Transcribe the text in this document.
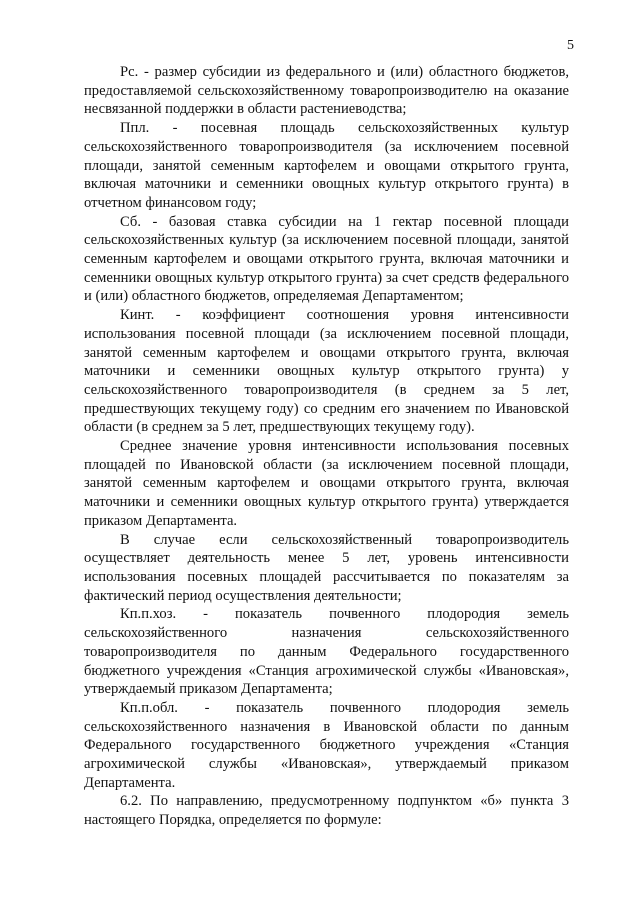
5

Рс. - размер субсидии из федерального и (или) областного бюджетов, предоставляемой сельскохозяйственному товаропроизводителю на оказание несвязанной поддержки в области растениеводства;

Ппл. - посевная площадь сельскохозяйственных культур сельскохозяйственного товаропроизводителя (за исключением посевной площади, занятой семенным картофелем и овощами открытого грунта, включая маточники и семенники овощных культур открытого грунта) в отчетном финансовом году;

Сб. - базовая ставка субсидии на 1 гектар посевной площади сельскохозяйственных культур (за исключением посевной площади, занятой семенным картофелем и овощами открытого грунта, включая маточники и семенники овощных культур открытого грунта) за счет средств федерального и (или) областного бюджетов, определяемая Департаментом;

Кинт. - коэффициент соотношения уровня интенсивности использования посевной площади (за исключением посевной площади, занятой семенным картофелем и овощами открытого грунта, включая маточники и семенники овощных культур открытого грунта) у сельскохозяйственного товаропроизводителя (в среднем за 5 лет, предшествующих текущему году) со средним его значением по Ивановской области (в среднем за 5 лет, предшествующих текущему году).

Среднее значение уровня интенсивности использования посевных площадей по Ивановской области (за исключением посевной площади, занятой семенным картофелем и овощами открытого грунта, включая маточники и семенники овощных культур открытого грунта) утверждается приказом Департамента.

В случае если сельскохозяйственный товаропроизводитель осуществляет деятельность менее 5 лет, уровень интенсивности использования посевных площадей рассчитывается по показателям за фактический период осуществления деятельности;

Кп.п.хоз. - показатель почвенного плодородия земель сельскохозяйственного назначения сельскохозяйственного товаропроизводителя по данным Федерального государственного бюджетного учреждения «Станция агрохимической службы «Ивановская», утверждаемый приказом Департамента;

Кп.п.обл. - показатель почвенного плодородия земель сельскохозяйственного назначения в Ивановской области по данным Федерального государственного бюджетного учреждения «Станция агрохимической службы «Ивановская», утверждаемый приказом Департамента.

6.2. По направлению, предусмотренному подпунктом «б» пункта 3 настоящего Порядка, определяется по формуле:
